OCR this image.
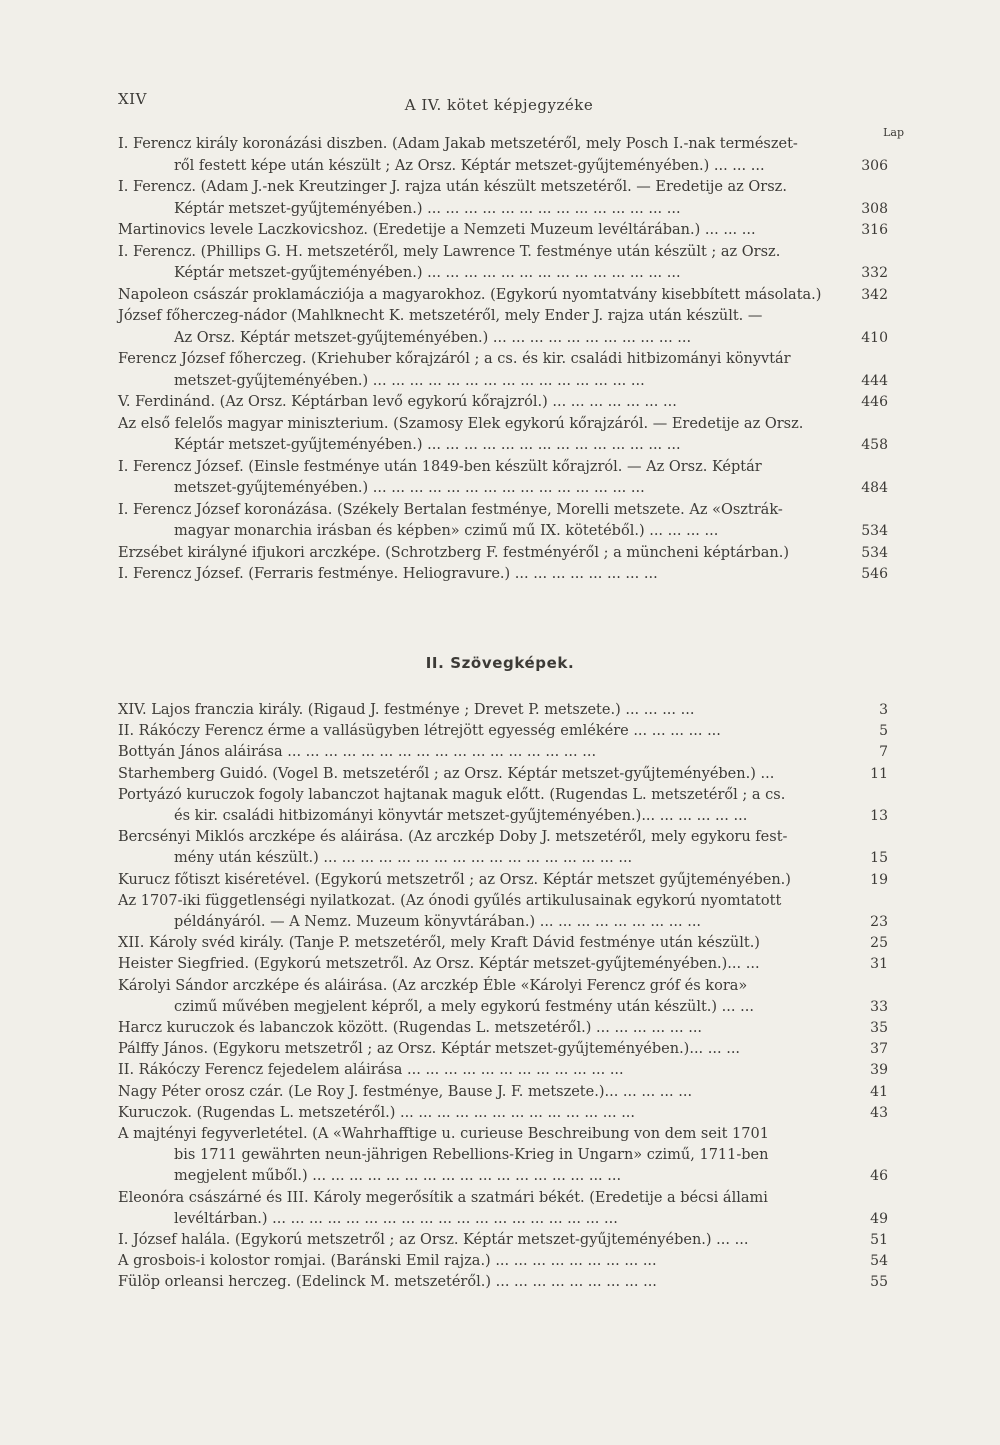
XIV	A IV. kötet képjegyzéke
Lap
I. Ferencz király koronázási diszben. (Adam Jakab metszetéről, mely Posch I.-nak természet-
ről festett képe után készült ; Az Orsz. Képtár metszet-gyűjteményében.) ... ... ...	306
I. Ferencz. (Adam J.-nek Kreutzinger J. rajza után készült metszetéről. — Eredetije az Orsz.
Képtár metszet-gyűjteményében.) ... ... ... ... ... ... ... ... ... ... ... ... ... ...	308
Martinovics levele Laczkovicshoz. (Eredetije a Nemzeti Muzeum levéltárában.) ... ... ...	316
I. Ferencz. (Phillips G. H. metszetéről, mely Lawrence T. festménye után készült ; az Orsz.
Képtár metszet-gyűjteményében.) ... ... ... ... ... ... ... ... ... ... ... ... ... ...	332
Napoleon császár proklamácziója a magyarokhoz. (Egykorú nyomtatvány kisebbített másolata.)	342
József főherczeg-nádor (Mahlknecht K. metszetéről, mely Ender J. rajza után készült. —
Az Orsz. Képtár metszet-gyűjteményében.) ... ... ... ... ... ... ... ... ... ... ...	410
Ferencz József főherczeg. (Kriehuber kőrajzáról ; a cs. és kir. családi hitbizományi könyvtár
metszet-gyűjteményében.) ... ... ... ... ... ... ... ... ... ... ... ... ... ... ...	444
V. Ferdinánd. (Az Orsz. Képtárban levő egykorú kőrajzról.) ... ... ... ... ... ... ...	446
Az első felelős magyar miniszterium. (Szamosy Elek egykorú kőrajzáról. — Eredetije az Orsz.
Képtár metszet-gyűjteményében.) ... ... ... ... ... ... ... ... ... ... ... ... ... ...	458
I. Ferencz József. (Einsle festménye után 1849-ben készült kőrajzról. — Az Orsz. Képtár
metszet-gyűjteményében.) ... ... ... ... ... ... ... ... ... ... ... ... ... ... ...	484
I. Ferencz József koronázása. (Székely Bertalan festménye, Morelli metszete. Az «Osztrák-
magyar monarchia irásban és képben» czimű mű IX. kötetéből.) ... ... ... ...	534
Erzsébet királyné ifjukori arczképe. (Schrotzberg F. festményéről ; a müncheni képtárban.)	534
I. Ferencz József. (Ferraris festménye. Heliogravure.) ... ... ... ... ... ... ... ...	546
II. Szövegképek.
XIV. Lajos franczia király. (Rigaud J. festménye ; Drevet P. metszete.) ... ... ... ...	3
II. Rákóczy Ferencz érme a vallásügyben létrejött egyesség emlékére ... ... ... ... ...	5
Bottyán János aláirása ... ... ... ... ... ... ... ... ... ... ... ... ... ... ... ... ...	7
Starhemberg Guidó. (Vogel B. metszetéről ; az Orsz. Képtár metszet-gyűjteményében.) ...	11
Portyázó kuruczok fogoly labanczot hajtanak maguk előtt. (Rugendas L. metszetéről ; a cs.
és kir. családi hitbizományi könyvtár metszet-gyűjteményében.)... ... ... ... ... ...	13
Bercsényi Miklós arczképe és aláirása. (Az arczkép Doby J. metszetéről, mely egykoru fest-
mény után készült.) ... ... ... ... ... ... ... ... ... ... ... ... ... ... ... ... ...	15
Kurucz főtiszt kiséretével. (Egykorú metszetről ; az Orsz. Képtár metszet gyűjteményében.)	19
Az 1707-iki függetlenségi nyilatkozat. (Az ónodi gyűlés artikulusainak egykorú nyomtatott
példányáról. — A Nemz. Muzeum könyvtárában.) ... ... ... ... ... ... ... ... ...	23
XII. Károly svéd király. (Tanje P. metszetéről, mely Kraft Dávid festménye után készült.)	25
Heister Siegfried. (Egykorú metszetről. Az Orsz. Képtár metszet-gyűjteményében.)... ...	31
Károlyi Sándor arczképe és aláirása. (Az arczkép Éble «Károlyi Ferencz gróf és kora»
czimű művében megjelent képről, a mely egykorú festmény után készült.) ... ...	33
Harcz kuruczok és labanczok között. (Rugendas L. metszetéről.) ... ... ... ... ... ...	35
Pálffy János. (Egykoru metszetről ; az Orsz. Képtár metszet-gyűjteményében.)... ... ...	37
II. Rákóczy Ferencz fejedelem aláirása ... ... ... ... ... ... ... ... ... ... ... ...	39
Nagy Péter orosz czár. (Le Roy J. festménye, Bause J. F. metszete.)... ... ... ... ...	41
Kuruczok. (Rugendas L. metszetéről.) ... ... ... ... ... ... ... ... ... ... ... ... ...	43
A majtényi fegyverletétel. (A «Wahrhafftige u. curieuse Beschreibung von dem seit 1701
bis 1711 gewährten neun-jährigen Rebellions-Krieg in Ungarn» czimű, 1711-ben
megjelent műből.) ... ... ... ... ... ... ... ... ... ... ... ... ... ... ... ... ...	46
Eleonóra császárné és III. Károly megerősítik a szatmári békét. (Eredetije a bécsi állami
levéltárban.) ... ... ... ... ... ... ... ... ... ... ... ... ... ... ... ... ... ... ...	49
I. József halála. (Egykorú metszetről ; az Orsz. Képtár metszet-gyűjteményében.) ... ...	51
A grosbois-i kolostor romjai. (Baránski Emil rajza.) ... ... ... ... ... ... ... ... ...	54
Fülöp orleansi herczeg. (Edelinck M. metszetéről.) ... ... ... ... ... ... ... ... ...	55
